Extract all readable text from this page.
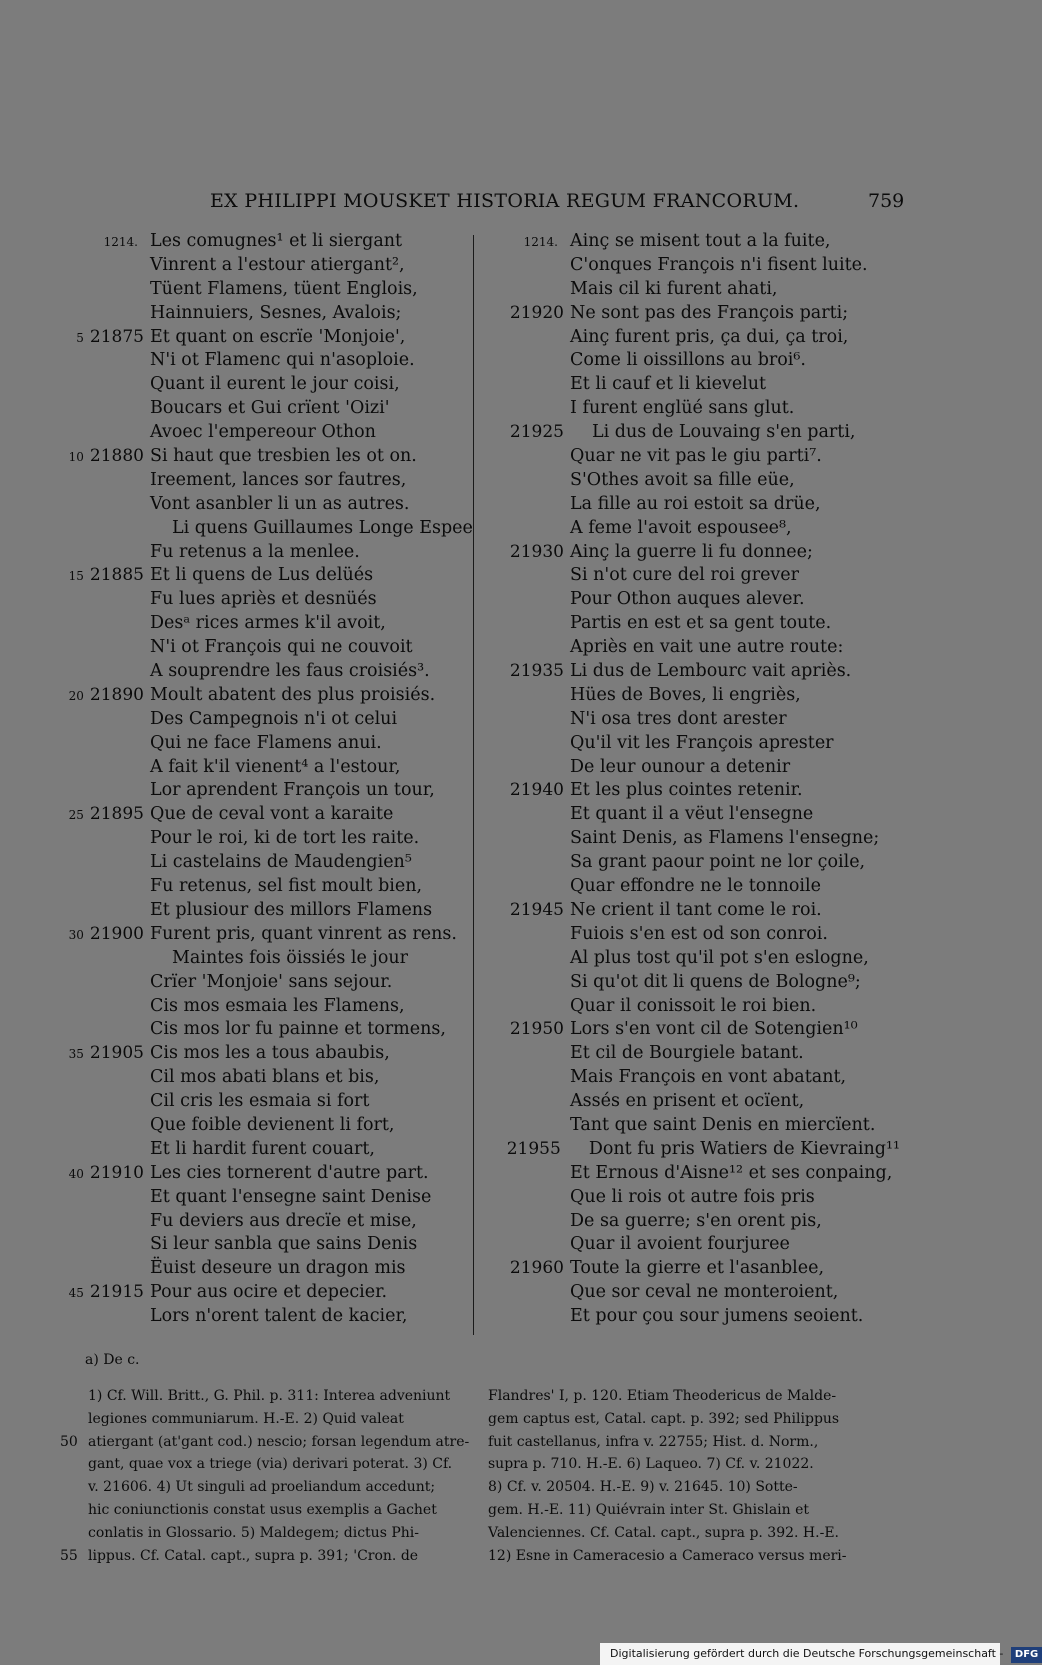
EX PHILIPPI MOUSKET HISTORIA REGUM FRANCORUM.	759
1214. Les comugnes¹ et li siergant
Vinrent a l'estour atiergant²,
Tüent Flamens, tüent Englois,
Hainnuiers, Sesnes, Avalois;
5 21875 Et quant on escrïe 'Monjoie',
N'i ot Flamenc qui n'asoploie.
Quant il eurent le jour coisi,
Boucars et Gui crïent 'Oizi'
Avoec l'empereour Othon
10 21880 Si haut que tresbien les ot on.
Ireement, lances sor fautres,
Vont asanbler li un as autres.
Li quens Guillaumes Longe Espee
Fu retenus a la menlee.
15 21885 Et li quens de Lus delüés
Fu lues apriès et desnüés
Desᵃ rices armes k'il avoit,
N'i ot François qui ne couvoit
A souprendre les faus croisiés³.
20 21890 Moult abatent des plus proisiés.
Des Campegnois n'i ot celui
Qui ne face Flamens anui.
A fait k'il vienent⁴ a l'estour,
Lor aprendent François un tour,
25 21895 Que de ceval vont a karaite
Pour le roi, ki de tort les raite.
Li castelains de Maudengien⁵
Fu retenus, sel fist moult bien,
Et plusiour des millors Flamens
30 21900 Furent pris, quant vinrent as rens.
Maintes fois öissiés le jour
Crïer 'Monjoie' sans sejour.
Cis mos esmaia les Flamens,
Cis mos lor fu painne et tormens,
35 21905 Cis mos les a tous abaubis,
Cil mos abati blans et bis,
Cil cris les esmaia si fort
Que foible devienent li fort,
Et li hardit furent couart,
40 21910 Les cies tornerent d'autre part.
Et quant l'ensegne saint Denise
Fu deviers aus drecïe et mise,
Si leur sanbla que sains Denis
Ëuist deseure un dragon mis
45 21915 Pour aus ocire et depecier.
Lors n'orent talent de kacier,
1214. Ainç se misent tout a la fuite,
C'onques François n'i fisent luite.
Mais cil ki furent ahati,
21920 Ne sont pas des François parti;
Ainç furent pris, ça dui, ça troi,
Come li oissillons au broi⁶.
Et li cauf et li kievelut
I furent englüé sans glut.
21925	Li dus de Louvaing s'en parti,
Quar ne vit pas le giu parti⁷.
S'Othes avoit sa fille eüe,
La fille au roi estoit sa drüe,
A feme l'avoit espousee⁸,
21930 Ainç la guerre li fu donnee;
Si n'ot cure del roi grever
Pour Othon auques alever.
Partis en est et sa gent toute.
Apriès en vait une autre route:
21935 Li dus de Lembourc vait apriès.
Hües de Boves, li engriès,
N'i osa tres dont arester
Qu'il vit les François aprester
De leur ounour a detenir
21940 Et les plus cointes retenir.
Et quant il a vëut l'ensegne
Saint Denis, as Flamens l'ensegne;
Sa grant paour point ne lor çoile,
Quar effondre ne le tonnoile
21945 Ne crient il tant come le roi.
Fuiois s'en est od son conroi.
Al plus tost qu'il pot s'en eslogne,
Si qu'ot dit li quens de Bologne⁹;
Quar il conissoit le roi bien.
21950 Lors s'en vont cil de Sotengien¹⁰
Et cil de Bourgiele batant.
Mais François en vont abatant,
Assés en prisent et ocïent,
Tant que saint Denis en miercïent.
21955	Dont fu pris Watiers de Kievraing¹¹
Et Ernous d'Aisne¹² et ses conpaing,
Que li rois ot autre fois pris
De sa guerre; s'en orent pis,
Quar il avoient fourjuree
21960 Toute la gierre et l'asanblee,
Que sor ceval ne monteroient,
Et pour çou sour jumens seoient.
a) De c.
1) Cf. Will. Britt., G. Phil. p. 311: Interea adveniunt
legiones communiarum. H.-E. 2) Quid valeat
50 atiergant (at'gant cod.) nescio; forsan legendum atre-
gant, quae vox a triege (via) derivari poterat. 3) Cf.
v. 21606. 4) Ut singuli ad proeliandum accedunt;
hic coniunctionis constat usus exemplis a Gachet
conlatis in Glossario. 5) Maldegem; dictus Phi-
55 lippus. Cf. Catal. capt., supra p. 391; 'Cron. de
Flandres' I, p. 120. Etiam Theodericus de Malde-
gem captus est, Catal. capt. p. 392; sed Philippus
fuit castellanus, infra v. 22755; Hist. d. Norm.,
supra p. 710. H.-E. 6) Laqueo. 7) Cf. v. 21022.
8) Cf. v. 20504. H.-E. 9) v. 21645. 10) Sotte-
gem. H.-E. 11) Quiévrain inter St. Ghislain et
Valenciennes. Cf. Catal. capt., supra p. 392. H.-E.
12) Esne in Cameracesio a Cameraco versus meri-
Digitalisierung gefördert durch die Deutsche Forschungsgemeinschaft - DFG
